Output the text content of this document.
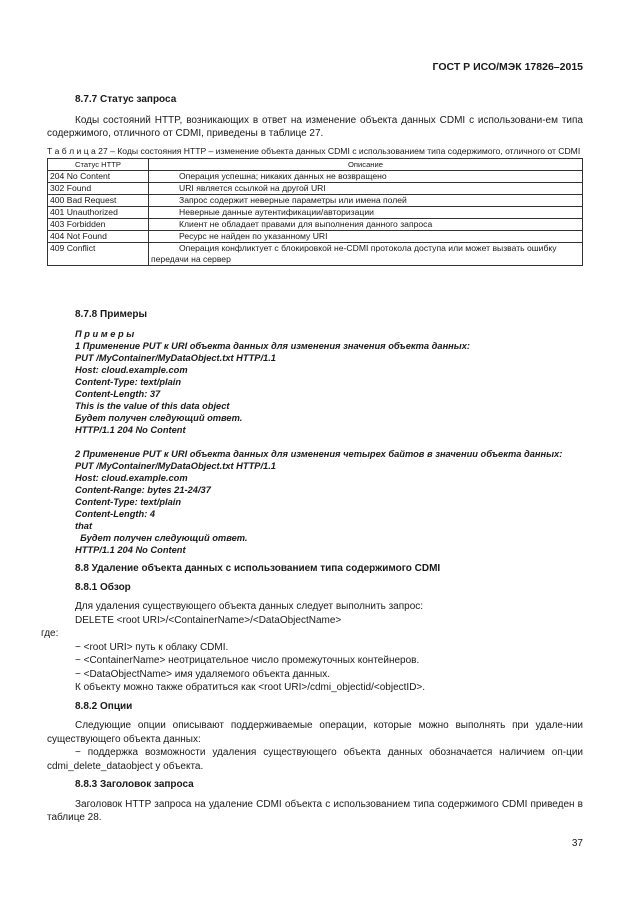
ГОСТ Р ИСО/МЭК 17826–2015
8.7.7 Статус запроса
Коды состояний HTTP, возникающих в ответ на изменение объекта данных CDMI с использовани-ем типа содержимого, отличного от CDMI, приведены в таблице 27.
Т а б л и ц а 27 – Коды состояния HTTP – изменение объекта данных CDMI с использованием типа содержимого, отличного от CDMI
Статус HTTP	Описание
204 No Content	Операция успешна; никаких данных не возвращено
302 Found	URI является ссылкой на другой URI
400 Bad Request	Запрос содержит неверные параметры или имена полей
401 Unauthorized	Неверные данные аутентификации/авторизации
403 Forbidden	Клиент не обладает правами для выполнения данного запроса
404 Not Found	Ресурс не найден по указанному URI
409 Conflict	Операция конфликтует с блокировкой не-CDMI протокола доступа или может вызвать ошибку передачи на сервер
8.7.8 Примеры
П р и м е р ы
1 Применение PUT к URI объекта данных для изменения значения объекта данных:
PUT /MyContainer/MyDataObject.txt HTTP/1.1
Host: cloud.example.com
Content-Type: text/plain
Content-Length: 37
This is the value of this data object
Будет получен следующий ответ.
HTTP/1.1 204 No Content
2 Применение PUT к URI объекта данных для изменения четырех байтов в значении объекта данных:
PUT /MyContainer/MyDataObject.txt HTTP/1.1
Host: cloud.example.com
Content-Range: bytes 21-24/37
Content-Type: text/plain
Content-Length: 4
that
Будет получен следующий ответ.
HTTP/1.1 204 No Content
8.8 Удаление объекта данных с использованием типа содержимого CDMI
8.8.1 Обзор
Для удаления существующего объекта данных следует выполнить запрос:
DELETE <root URI>/<ContainerName>/<DataObjectName>
где:
− <root URI> путь к облаку CDMI.
− <ContainerName> неотрицательное число промежуточных контейнеров.
− <DataObjectName> имя удаляемого объекта данных.
К объекту можно также обратиться как <root URI>/cdmi_objectid/<objectID>.
8.8.2 Опции
Следующие опции описывают поддерживаемые операции, которые можно выполнять при удале-нии существующего объекта данных:
− поддержка возможности удаления существующего объекта данных обозначается наличием оп-ции cdmi_delete_dataobject у объекта.
8.8.3 Заголовок запроса
Заголовок HTTP запроса на удаление CDMI объекта с использованием типа содержимого CDMI приведен в таблице 28.
37
